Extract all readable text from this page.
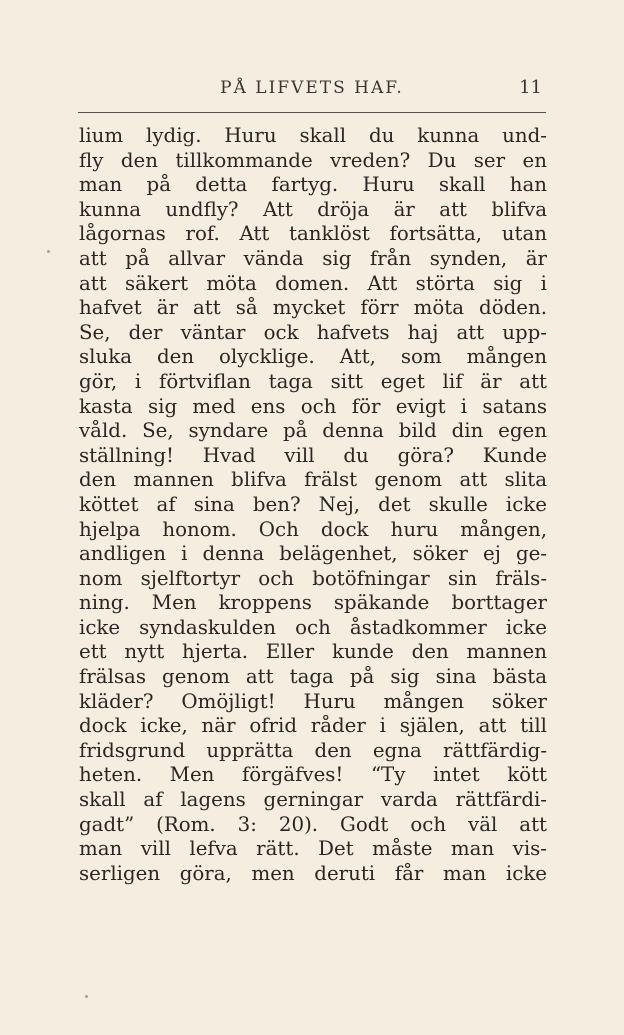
PÅ LIFVETS HAF.	11
lium lydig. Huru skall du kunna und-
fly den tillkommande vreden? Du ser en
man på detta fartyg. Huru skall han
kunna undfly? Att dröja är att blifva
lågornas rof. Att tanklöst fortsätta, utan
att på allvar vända sig från synden, är
att säkert möta domen. Att störta sig i
hafvet är att så mycket förr möta döden.
Se, der väntar ock hafvets haj att upp-
sluka den olycklige. Att, som mången
gör, i förtviflan taga sitt eget lif är att
kasta sig med ens och för evigt i satans
våld. Se, syndare på denna bild din egen
ställning! Hvad vill du göra? Kunde
den mannen blifva frälst genom att slita
köttet af sina ben? Nej, det skulle icke
hjelpa honom. Och dock huru mången,
andligen i denna belägenhet, söker ej ge-
nom sjelftortyr och botöfningar sin fräls-
ning. Men kroppens späkande borttager
icke syndaskulden och åstadkommer icke
ett nytt hjerta. Eller kunde den mannen
frälsas genom att taga på sig sina bästa
kläder? Omöjligt! Huru mången söker
dock icke, när ofrid råder i själen, att till
fridsgrund upprätta den egna rättfärdig-
heten. Men förgäfves! “Ty intet kött
skall af lagens gerningar varda rättfärdi-
gadt” (Rom. 3: 20). Godt och väl att
man vill lefva rätt. Det måste man vis-
serligen göra, men deruti får man icke
